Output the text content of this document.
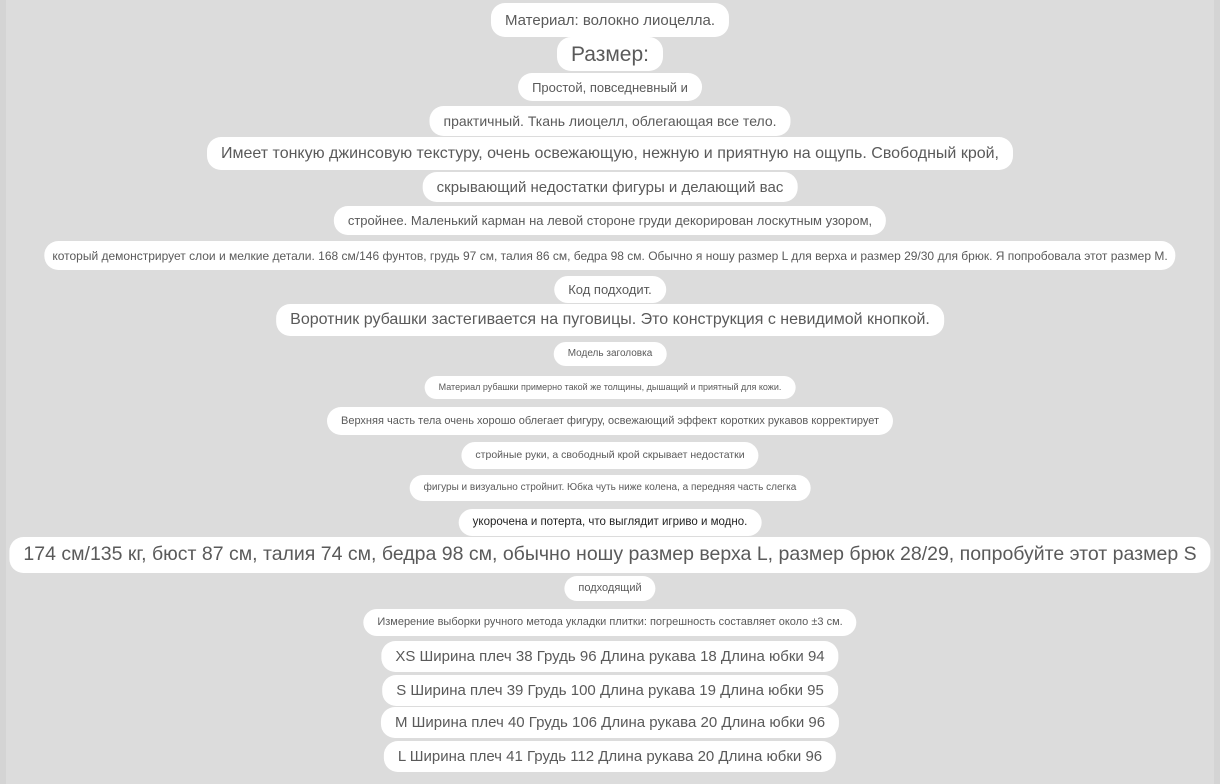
Материал: волокно лиоцелла.
Размер:
Простой, повседневный и
практичный. Ткань лиоцелл, облегающая все тело.
Имеет тонкую джинсовую текстуру, очень освежающую, нежную и приятную на ощупь. Свободный крой,
скрывающий недостатки фигуры и делающий вас
стройнее. Маленький карман на левой стороне груди декорирован лоскутным узором,
который демонстрирует слои и мелкие детали. 168 см/146 фунтов, грудь 97 см, талия 86 см, бедра 98 см. Обычно я ношу размер L для верха и размер 29/30 для брюк. Я попробовала этот размер M.
Код подходит.
Воротник рубашки застегивается на пуговицы. Это конструкция с невидимой кнопкой.
Модель заголовка
Материал рубашки примерно такой же толщины, дышащий и приятный для кожи.
Верхняя часть тела очень хорошо облегает фигуру, освежающий эффект коротких рукавов корректирует
стройные руки, а свободный крой скрывает недостатки
фигуры и визуально стройнит. Юбка чуть ниже колена, а передняя часть слегка
укорочена и потерта, что выглядит игриво и модно.
174 см/135 кг, бюст 87 см, талия 74 см, бедра 98 см, обычно ношу размер верха L, размер брюк 28/29, попробуйте этот размер S
подходящий
Измерение выборки ручного метода укладки плитки: погрешность составляет около ±3 см.
XS Ширина плеч 38 Грудь 96 Длина рукава 18 Длина юбки 94
S Ширина плеч 39 Грудь 100 Длина рукава 19 Длина юбки 95
M Ширина плеч 40 Грудь 106 Длина рукава 20 Длина юбки 96
L Ширина плеч 41 Грудь 112 Длина рукава 20 Длина юбки 96
